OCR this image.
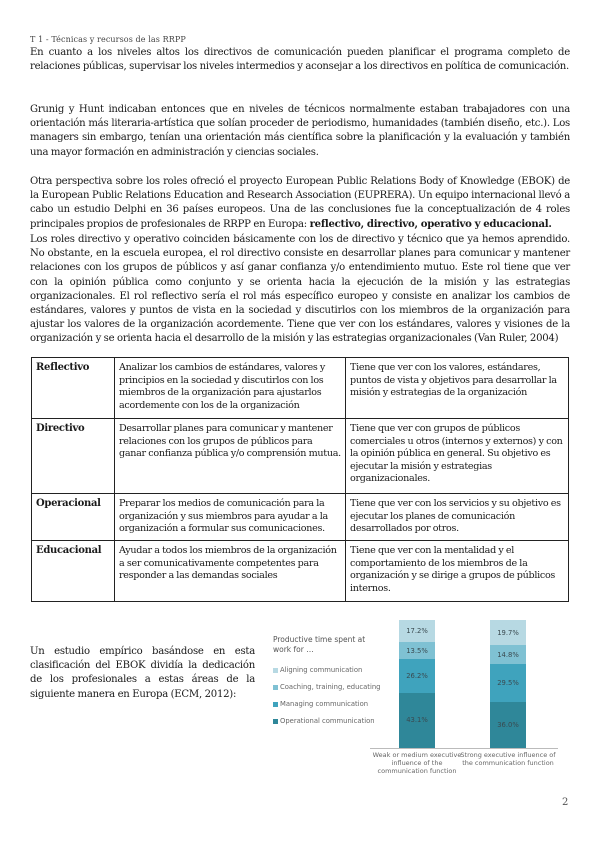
T 1 - Técnicas y recursos de las RRPP
En cuanto a los niveles altos los directivos de comunicación pueden planificar el programa completo de relaciones públicas, supervisar los niveles intermedios y aconsejar a los directivos en política de comunicación.
Grunig y Hunt indicaban entonces que en niveles de técnicos normalmente estaban trabajadores con una orientación más literaria-artística que solían proceder de periodismo, humanidades (también diseño, etc.). Los managers sin embargo, tenían una orientación más científica sobre la planificación y la evaluación y también una mayor formación en administración y ciencias sociales.
Otra perspectiva sobre los roles ofreció el proyecto European Public Relations Body of Knowledge (EBOK) de la European Public Relations Education and Research Association (EUPRERA). Un equipo internacional llevó a cabo un estudio Delphi en 36 países europeos. Una de las conclusiones fue la conceptualización de 4 roles principales propios de profesionales de RRPP en Europa: reflectivo, directivo, operativo y educacional.
Los roles directivo y operativo coinciden básicamente con los de directivo y técnico que ya hemos aprendido. No obstante, en la escuela europea, el rol directivo consiste en desarrollar planes para comunicar y mantener relaciones con los grupos de públicos y así ganar confianza y/o entendimiento mutuo. Este rol tiene que ver con la opinión pública como conjunto y se orienta hacia la ejecución de la misión y las estrategias organizacionales. El rol reflectivo sería el rol más específico europeo y consiste en analizar los cambios de estándares, valores y puntos de vista en la sociedad y discutirlos con los miembros de la organización para ajustar los valores de la organización acordemente. Tiene que ver con los estándares, valores y visiones de la organización y se orienta hacia el desarrollo de la misión y las estrategias organizacionales (Van Ruler, 2004)
Reflectivo	Analizar los cambios de estándares, valores y principios en la sociedad y discutirlos con los miembros de la organización para ajustarlos acordemente con los de la organización	Tiene que ver con los valores, estándares, puntos de vista y objetivos para desarrollar la misión y estrategias de la organización
Directivo	Desarrollar planes para comunicar y mantener relaciones con los grupos de públicos para ganar confianza pública y/o comprensión mutua.	Tiene que ver con grupos de públicos comerciales u otros (internos y externos) y con la opinión pública en general. Su objetivo es ejecutar la misión y estrategias organizacionales.
Operacional	Preparar los medios de comunicación para la organización y sus miembros para ayudar a la organización a formular sus comunicaciones.	Tiene que ver con los servicios y su objetivo es ejecutar los planes de comunicación desarrollados por otros.
Educacional	Ayudar a todos los miembros de la organización a ser comunicativamente competentes para responder a las demandas sociales	Tiene que ver con la mentalidad y el comportamiento de los miembros de la organización y se dirige a grupos de públicos internos.
Un estudio empírico basándose en esta clasificación del EBOK dividía la dedicación de los profesionales a estas áreas de la siguiente manera en Europa (ECM, 2012):
Productive time spent at work for …
Aligning communication
Coaching, training, educating
Managing communication
Operational communication
17.2%
13.5%
26.2%
43.1%
19.7%
14.8%
29.5%
36.0%
Weak or medium executive influence of the communication function
Strong executive influence of the communication function
2
